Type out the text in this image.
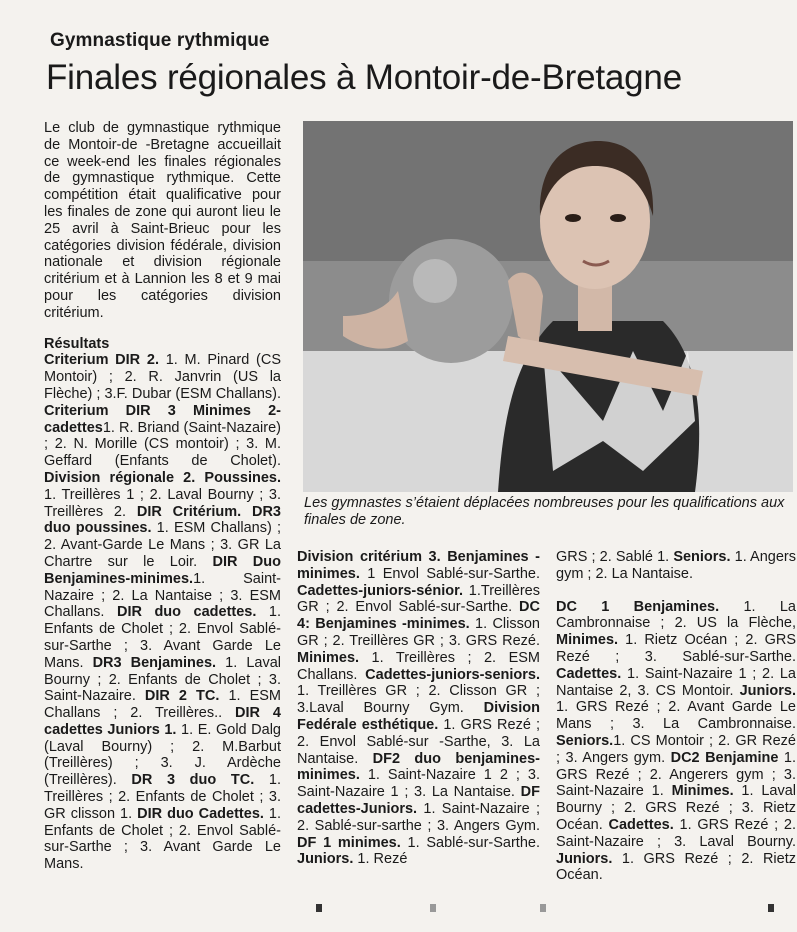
Gymnastique rythmique
Finales régionales à Montoir-de-Bretagne

Le club de gymnastique rythmique de Montoir-de -Bretagne accueillait ce week-end les finales régionales de gymnastique rythmique. Cette compétition était qualificative pour les finales de zone qui auront lieu le 25 avril à Saint-Brieuc pour les catégories division fédérale, division nationale et division régionale critérium et à Lannion les 8 et 9 mai pour les catégories division critérium.

Résultats

Criterium DIR 2. 1. M. Pinard (CS Montoir) ; 2. R. Janvrin (US la Flèche) ; 3.F. Dubar (ESM Challans). Criterium DIR 3 Minimes 2-cadettes1. R. Briand (Saint-Nazaire) ; 2. N. Morille (CS montoir) ; 3. M. Geffard (Enfants de Cholet). Division régionale 2. Poussines. 1. Treillères 1 ; 2. Laval Bourny ; 3. Treillères 2. DIR Critérium. DR3 duo poussines. 1. ESM Challans) ; 2. Avant-Garde Le Mans ; 3. GR La Chartre sur le Loir. DIR Duo Benjamines-minimes.1. Saint-Nazaire ; 2. La Nantaise ; 3. ESM Challans. DIR duo cadettes. 1. Enfants de Cholet ; 2. Envol Sablé-sur-Sarthe ; 3. Avant Garde Le Mans. DR3 Benjamines. 1. Laval Bourny ; 2. Enfants de Cholet ; 3. Saint-Nazaire. DIR 2 TC. 1. ESM Challans ; 2. Treillères.. DIR 4 cadettes Juniors 1. 1. E. Gold Dalg (Laval Bourny) ; 2. M.Barbut (Treillères) ; 3. J. Ardèche (Treillères). DR 3 duo TC. 1. Treillères ; 2. Enfants de Cholet ; 3. GR clisson 1. DIR duo Cadettes. 1. Enfants de Cholet ; 2. Envol Sablé-sur-Sarthe ; 3. Avant Garde Le Mans.

Les gymnastes s’étaient déplacées nombreuses pour les qualifications aux finales de zone.

Division critérium 3. Benjamines - minimes. 1 Envol Sablé-sur-Sarthe. Cadettes-juniors-sénior. 1.Treillères GR ; 2. Envol Sablé-sur-Sarthe. DC 4: Benjamines -minimes. 1. Clisson GR ; 2. Treillères GR ; 3. GRS Rezé. Minimes. 1. Treillères ; 2. ESM Challans. Cadettes-juniors-seniors. 1. Treillères GR ; 2. Clisson GR ; 3.Laval Bourny Gym. Division Fedérale esthétique. 1. GRS Rezé ; 2. Envol Sablé-sur -Sarthe, 3. La Nantaise. DF2 duo benjamines-minimes. 1. Saint-Nazaire 1 2 ; 3. Saint-Nazaire 1 ; 3. La Nantaise. DF cadettes-Juniors. 1. Saint-Nazaire ; 2. Sablé-sur-sarthe ; 3. Angers Gym. DF 1 minimes. 1. Sablé-sur-Sarthe. Juniors. 1. Rezé

GRS ; 2. Sablé 1. Seniors. 1. Angers gym ; 2. La Nantaise.

DC 1 Benjamines. 1. La Cambronnaise ; 2. US la Flèche, Minimes. 1. Rietz Océan ; 2. GRS Rezé ; 3. Sablé-sur-Sarthe. Cadettes. 1. Saint-Nazaire 1 ; 2. La Nantaise 2, 3. CS Montoir. Juniors. 1. GRS Rezé ; 2. Avant Garde Le Mans ; 3. La Cambronnaise. Seniors.1. CS Montoir ; 2. GR Rezé ; 3. Angers gym. DC2 Benjamine 1. GRS Rezé ; 2. Angerers gym ; 3. Saint-Nazaire 1. Minimes. 1. Laval Bourny ; 2. GRS Rezé ; 3. Rietz Océan. Cadettes. 1. GRS Rezé ; 2. Saint-Nazaire ; 3. Laval Bourny. Juniors. 1. GRS Rezé ; 2. Rietz Océan.
